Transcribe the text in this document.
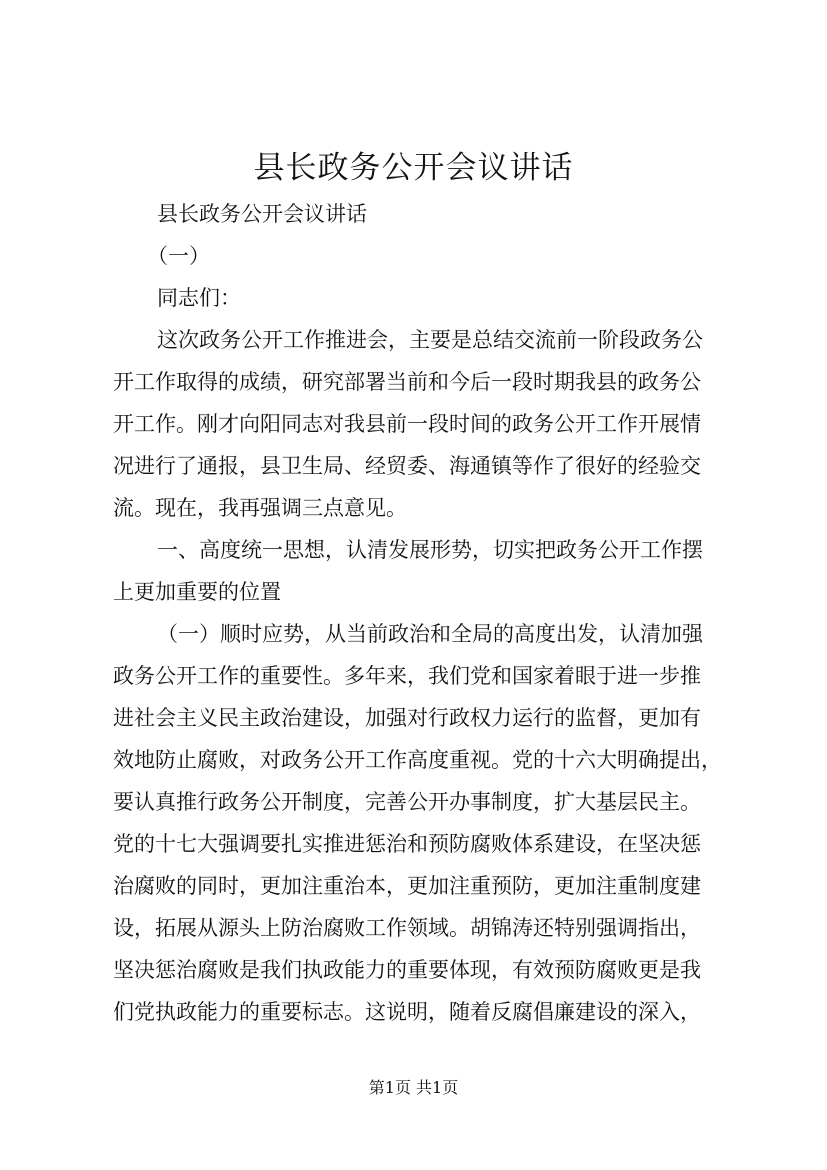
县长政务公开会议讲话
县长政务公开会议讲话
（一）
同志们：
这次政务公开工作推进会，主要是总结交流前一阶段政务公
开工作取得的成绩，研究部署当前和今后一段时期我县的政务公
开工作。刚才向阳同志对我县前一段时间的政务公开工作开展情
况进行了通报，县卫生局、经贸委、海通镇等作了很好的经验交
流。现在，我再强调三点意见。
一、高度统一思想，认清发展形势，切实把政务公开工作摆
上更加重要的位置
（一）顺时应势，从当前政治和全局的高度出发，认清加强
政务公开工作的重要性。多年来，我们党和国家着眼于进一步推
进社会主义民主政治建设，加强对行政权力运行的监督，更加有
效地防止腐败，对政务公开工作高度重视。党的十六大明确提出，
要认真推行政务公开制度，完善公开办事制度，扩大基层民主。
党的十七大强调要扎实推进惩治和预防腐败体系建设，在坚决惩
治腐败的同时，更加注重治本，更加注重预防，更加注重制度建
设，拓展从源头上防治腐败工作领域。胡锦涛还特别强调指出，
坚决惩治腐败是我们执政能力的重要体现，有效预防腐败更是我
们党执政能力的重要标志。这说明，随着反腐倡廉建设的深入，
第1页 共1页
